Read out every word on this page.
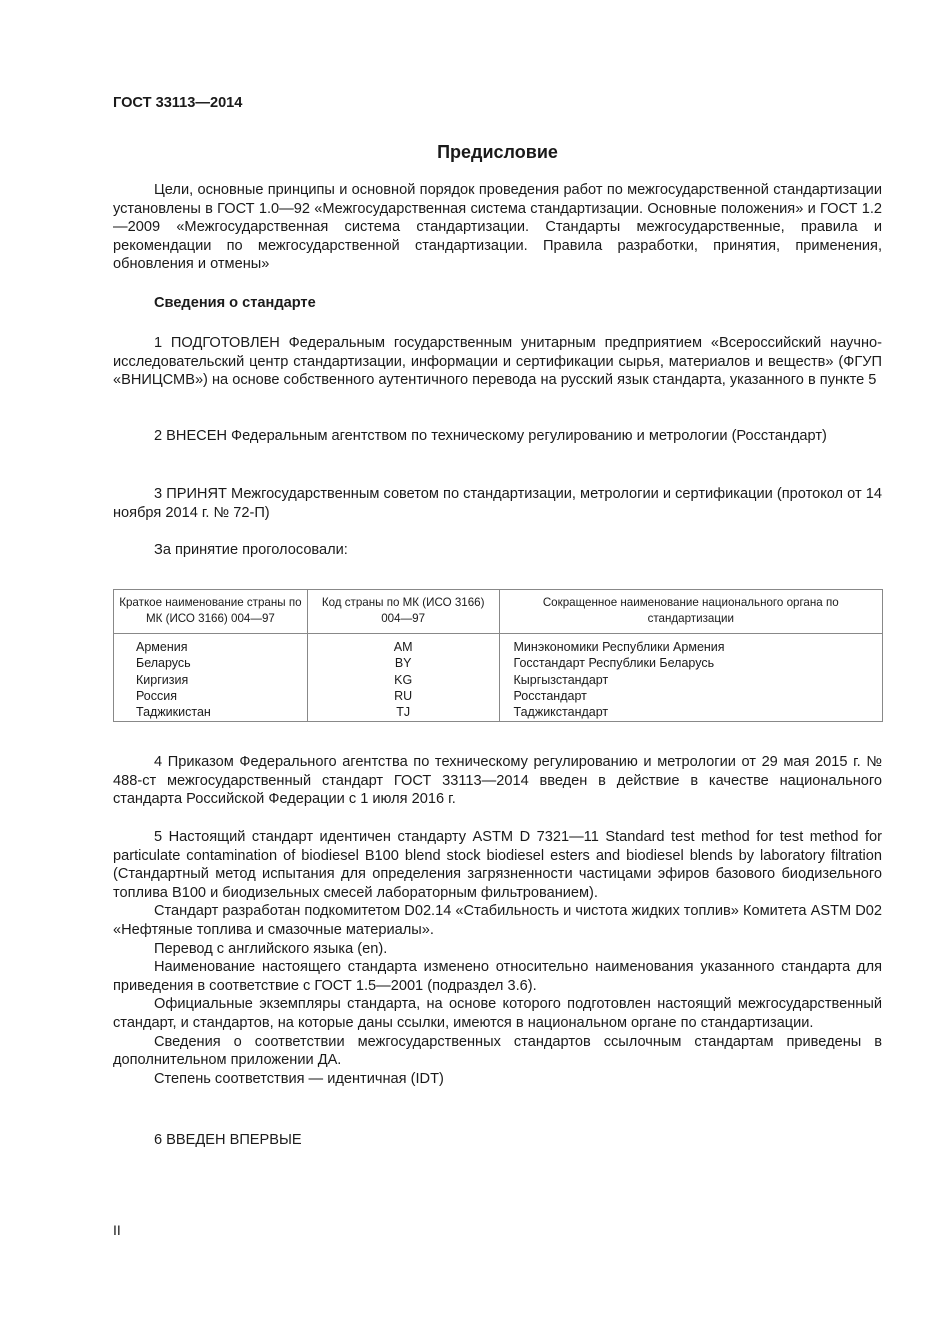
ГОСТ 33113—2014
Предисловие

Цели, основные принципы и основной порядок проведения работ по межгосударственной стандартизации установлены в ГОСТ 1.0—92 «Межгосударственная система стандартизации. Основные положения» и ГОСТ 1.2—2009 «Межгосударственная система стандартизации. Стандарты межгосударственные, правила и рекомендации по межгосударственной стандартизации. Правила разработки, принятия, применения, обновления и отмены»

Сведения о стандарте

1 ПОДГОТОВЛЕН Федеральным государственным унитарным предприятием «Всероссийский научно-исследовательский центр стандартизации, информации и сертификации сырья, материалов и веществ» (ФГУП «ВНИЦСМВ») на основе собственного аутентичного перевода на русский язык стандарта, указанного в пункте 5

2 ВНЕСЕН Федеральным агентством по техническому регулированию и метрологии (Росстандарт)

3 ПРИНЯТ Межгосударственным советом по стандартизации, метрологии и сертификации (протокол от 14 ноября 2014 г. № 72-П)

За принятие проголосовали:

Краткое наименование страны по МК (ИСО 3166) 004—97	Код страны по МК (ИСО 3166) 004—97	Сокращенное наименование национального органа по стандартизации
Армения	AM	Минэкономики Республики Армения
Беларусь	BY	Госстандарт Республики Беларусь
Киргизия	KG	Кыргызстандарт
Россия	RU	Росстандарт
Таджикистан	TJ	Таджикстандарт

4 Приказом Федерального агентства по техническому регулированию и метрологии от 29 мая 2015 г. № 488-ст межгосударственный стандарт ГОСТ 33113—2014 введен в действие в качестве национального стандарта Российской Федерации с 1 июля 2016 г.

5 Настоящий стандарт идентичен стандарту ASTM D 7321—11 Standard test method for test method for particulate contamination of biodiesel B100 blend stock biodiesel esters and biodiesel blends by laboratory filtration (Стандартный метод испытания для определения загрязненности частицами эфиров базового биодизельного топлива В100 и биодизельных смесей лабораторным фильтрованием).

Стандарт разработан подкомитетом D02.14 «Стабильность и чистота жидких топлив» Комитета ASTM D02 «Нефтяные топлива и смазочные материалы».

Перевод с английского языка (en).

Наименование настоящего стандарта изменено относительно наименования указанного стандарта для приведения в соответствие с ГОСТ 1.5—2001 (подраздел 3.6).

Официальные экземпляры стандарта, на основе которого подготовлен настоящий межгосударственный стандарт, и стандартов, на которые даны ссылки, имеются в национальном органе по стандартизации.

Сведения о соответствии межгосударственных стандартов ссылочным стандартам приведены в дополнительном приложении ДА.

Степень соответствия — идентичная (IDT)

6 ВВЕДЕН ВПЕРВЫЕ

II
